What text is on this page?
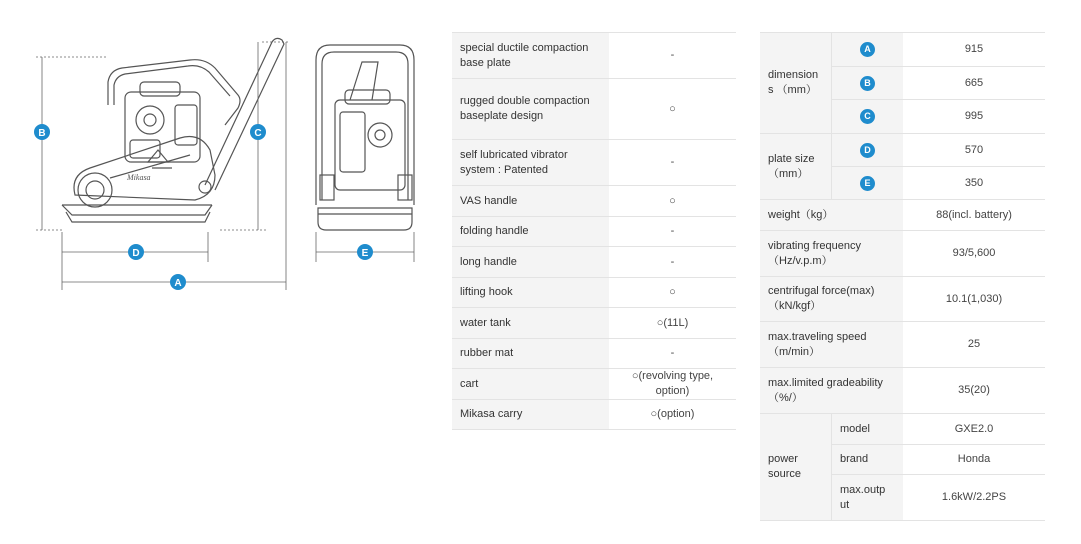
B	C
D
A
E
Mikasa
special ductile compaction base plate	-
rugged double compaction baseplate design	○
self lubricated vibrator system : Patented	-
VAS handle	○
folding handle	-
long handle	-
lifting hook	○
water tank	○(11L)
rubber mat	-
cart	○(revolving type, option)
Mikasa carry	○(option)
dimension s （mm）	A	915
	B	665
	C	995
plate size （mm）	D	570
	E	350
weight（kg）		88(incl. battery)

vibrating frequency
（Hz/v.p.m）		93/5,600

centrifugal force(max)
（kN/kgf）		10.1(1,030)

max.traveling speed
（m/min）		25

max.limited gradeability
（%/）		35(20)
power source	model	GXE2.0
	brand	Honda
	max.outp ut	1.6kW/2.2PS
